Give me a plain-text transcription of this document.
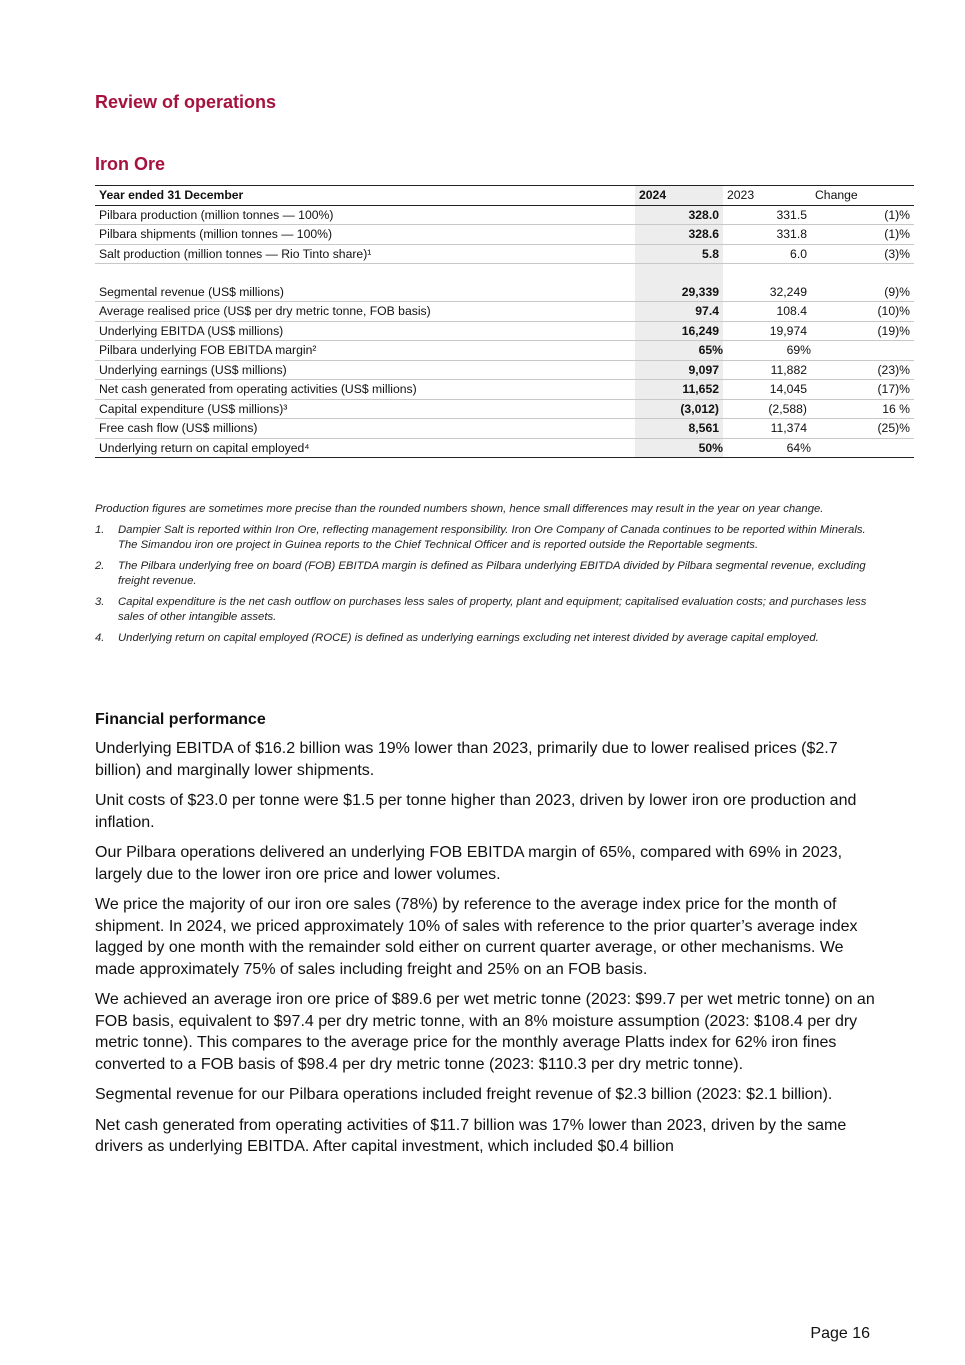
Review of operations
Iron Ore
Year ended 31 December	2024	2023	Change
Pilbara production (million tonnes — 100%)	328.0	331.5	(1)%
Pilbara shipments (million tonnes — 100%)	328.6	331.8	(1)%
Salt production (million tonnes — Rio Tinto share)¹	5.8	6.0	(3)%

Segmental revenue (US$ millions)	29,339	32,249	(9)%
Average realised price (US$ per dry metric tonne, FOB basis)	97.4	108.4	(10)%
Underlying EBITDA (US$ millions)	16,249	19,974	(19)%
Pilbara underlying FOB EBITDA margin²	65%	69%	
Underlying earnings (US$ millions)	9,097	11,882	(23)%
Net cash generated from operating activities (US$ millions)	11,652	14,045	(17)%
Capital expenditure (US$ millions)³	(3,012)	(2,588)	16 %
Free cash flow (US$ millions)	8,561	11,374	(25)%
Underlying return on capital employed⁴	50%	64%	

Production figures are sometimes more precise than the rounded numbers shown, hence small differences may result in the year on year change.

1. Dampier Salt is reported within Iron Ore, reflecting management responsibility. Iron Ore Company of Canada continues to be reported within Minerals. The Simandou iron ore project in Guinea reports to the Chief Technical Officer and is reported outside the Reportable segments.
2. The Pilbara underlying free on board (FOB) EBITDA margin is defined as Pilbara underlying EBITDA divided by Pilbara segmental revenue, excluding freight revenue.
3. Capital expenditure is the net cash outflow on purchases less sales of property, plant and equipment; capitalised evaluation costs; and purchases less sales of other intangible assets.
4. Underlying return on capital employed (ROCE) is defined as underlying earnings excluding net interest divided by average capital employed.
Financial performance

Underlying EBITDA of $16.2 billion was 19% lower than 2023, primarily due to lower realised prices ($2.7 billion) and marginally lower shipments.

Unit costs of $23.0 per tonne were $1.5 per tonne higher than 2023, driven by lower iron ore production and inflation.

Our Pilbara operations delivered an underlying FOB EBITDA margin of 65%, compared with 69% in 2023, largely due to the lower iron ore price and lower volumes.

We price the majority of our iron ore sales (78%) by reference to the average index price for the month of shipment. In 2024, we priced approximately 10% of sales with reference to the prior quarter’s average index lagged by one month with the remainder sold either on current quarter average, or other mechanisms. We made approximately 75% of sales including freight and 25% on an FOB basis.

We achieved an average iron ore price of $89.6 per wet metric tonne (2023: $99.7 per wet metric tonne) on an FOB basis, equivalent to $97.4 per dry metric tonne, with an 8% moisture assumption (2023: $108.4 per dry metric tonne). This compares to the average price for the monthly average Platts index for 62% iron fines converted to a FOB basis of $98.4 per dry metric tonne (2023: $110.3 per dry metric tonne).

Segmental revenue for our Pilbara operations included freight revenue of $2.3 billion (2023: $2.1 billion).

Net cash generated from operating activities of $11.7 billion was 17% lower than 2023, driven by the same drivers as underlying EBITDA. After capital investment, which included $0.4 billion

Page 16
